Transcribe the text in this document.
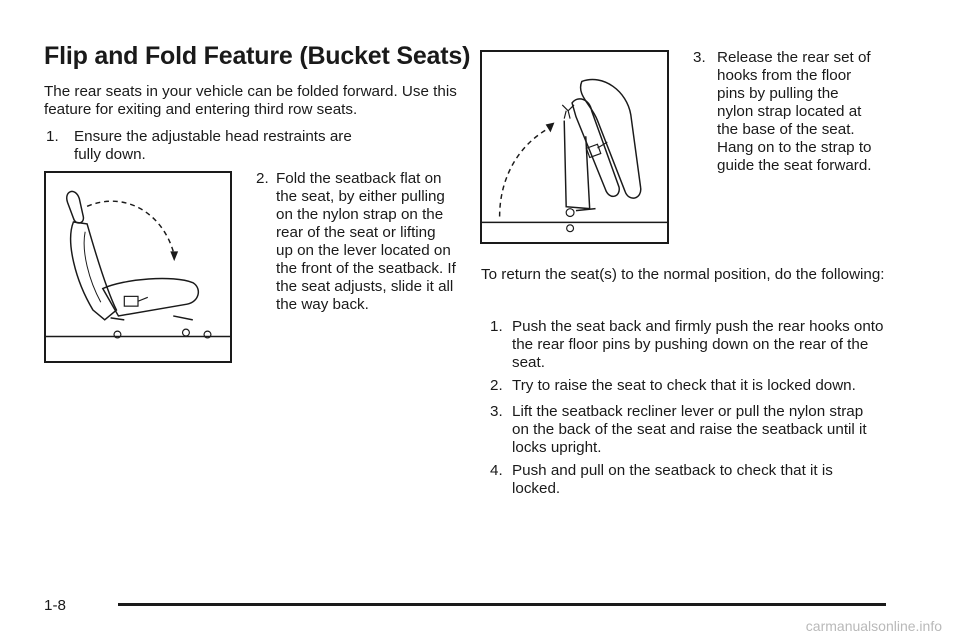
Flip and Fold Feature (Bucket Seats)
The rear seats in your vehicle can be folded forward. Use this feature for exiting and entering third row seats.
1.	Ensure the adjustable head restraints are fully down.
2. Fold the seatback flat on the seat, by either pulling on the nylon strap on the rear of the seat or lifting up on the lever located on the front of the seatback. If the seat adjusts, slide it all the way back.
3. Release the rear set of hooks from the floor pins by pulling the nylon strap located at the base of the seat. Hang on to the strap to guide the seat forward.
To return the seat(s) to the normal position, do the following:
1. Push the seat back and firmly push the rear hooks onto the rear floor pins by pushing down on the rear of the seat.
2. Try to raise the seat to check that it is locked down.
3. Lift the seatback recliner lever or pull the nylon strap on the back of the seat and raise the seatback until it locks upright.
4. Push and pull on the seatback to check that it is locked.
1-8
carmanualsonline.info
